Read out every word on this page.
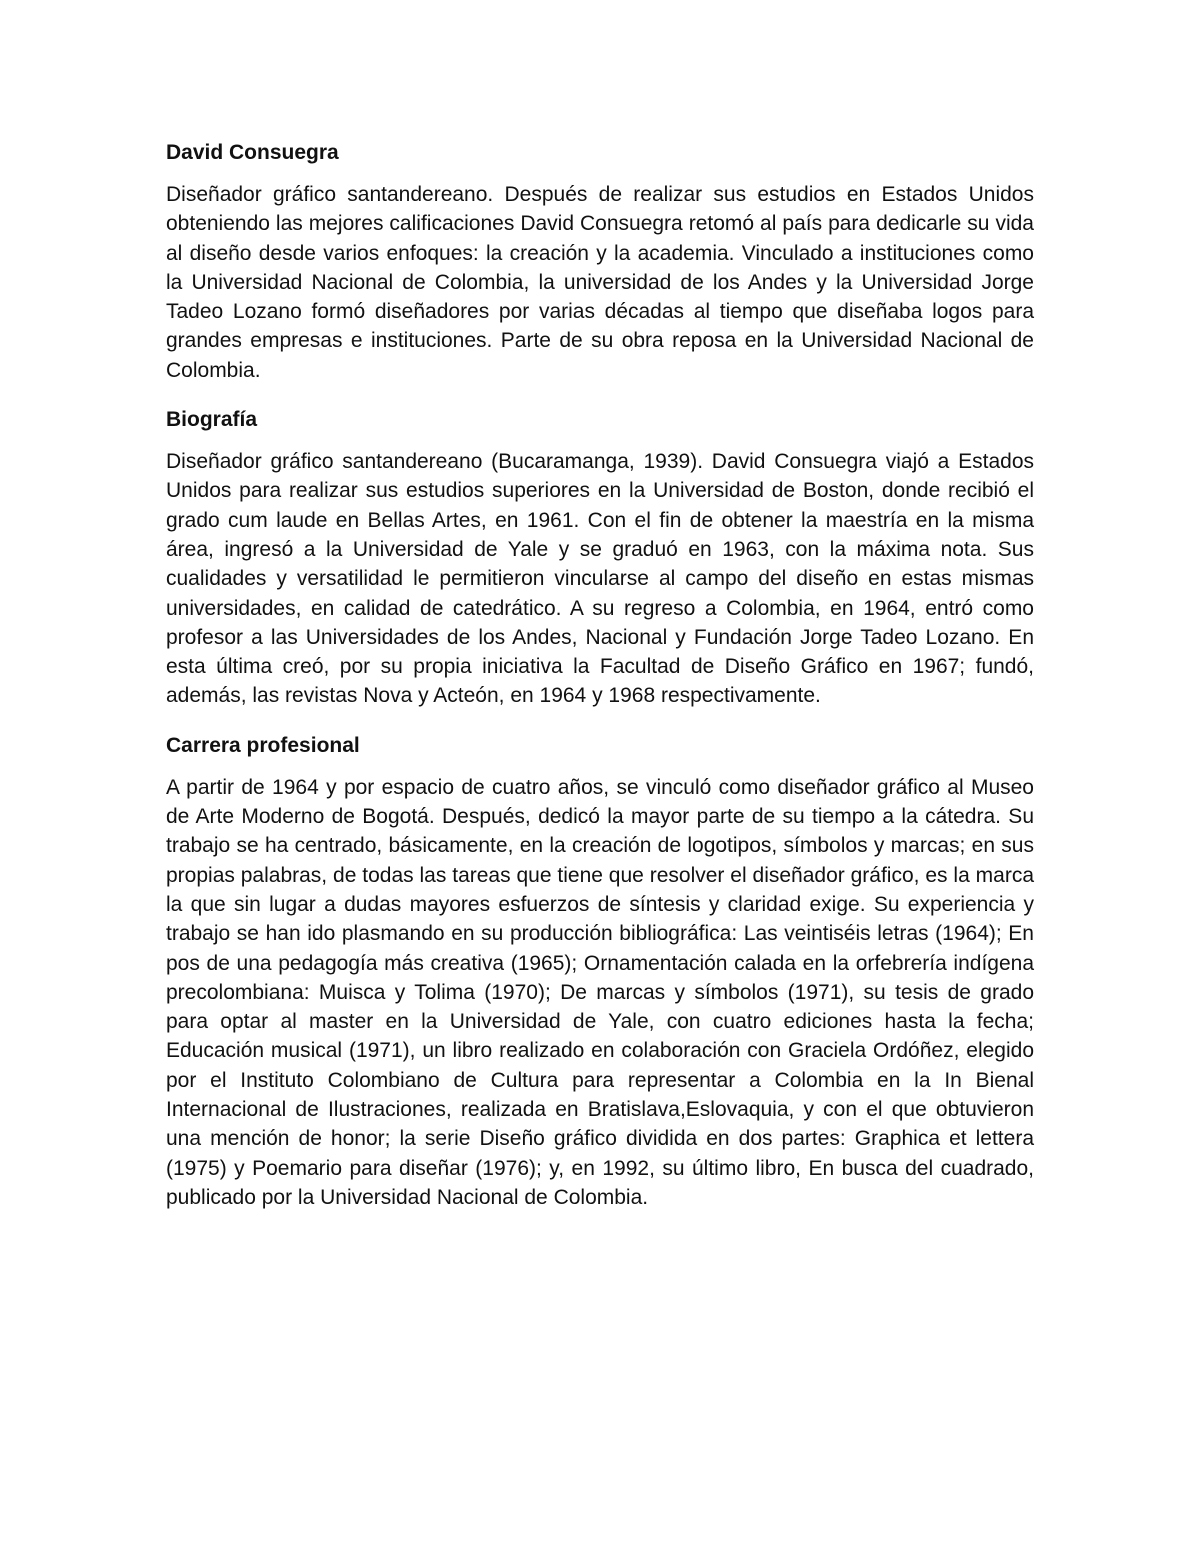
David Consuegra

Diseñador gráfico santandereano. Después de realizar sus estudios en Estados Unidos obteniendo las mejores calificaciones David Consuegra retomó al país para dedicarle su vida al diseño desde varios enfoques: la creación y la academia. Vinculado a instituciones como la Universidad Nacional de Colombia, la universidad de los Andes y la Universidad Jorge Tadeo Lozano formó diseñadores por varias décadas al tiempo que diseñaba logos para grandes empresas e instituciones. Parte de su obra reposa en la Universidad Nacional de Colombia.

Biografía

Diseñador gráfico santandereano (Bucaramanga, 1939). David Consuegra viajó a Estados Unidos para realizar sus estudios superiores en la Universidad de Boston, donde recibió el grado cum laude en Bellas Artes, en 1961. Con el fin de obtener la maestría en la misma área, ingresó a la Universidad de Yale y se graduó en 1963, con la máxima nota. Sus cualidades y versatilidad le permitieron vincularse al campo del diseño en estas mismas universidades, en calidad de catedrático. A su regreso a Colombia, en 1964, entró como profesor a las Universidades de los Andes, Nacional y Fundación Jorge Tadeo Lozano. En esta última creó, por su propia iniciativa la Facultad de Diseño Gráfico en 1967; fundó, además, las revistas Nova y Acteón, en 1964 y 1968 respectivamente.

Carrera profesional

A partir de 1964 y por espacio de cuatro años, se vinculó como diseñador gráfico al Museo de Arte Moderno de Bogotá. Después, dedicó la mayor parte de su tiempo a la cátedra. Su trabajo se ha centrado, básicamente, en la creación de logotipos, símbolos y marcas; en sus propias palabras, de todas las tareas que tiene que resolver el diseñador gráfico, es la marca la que sin lugar a dudas mayores esfuerzos de síntesis y claridad exige. Su experiencia y trabajo se han ido plasmando en su producción bibliográfica: Las veintiséis letras (1964); En pos de una pedagogía más creativa (1965); Ornamentación calada en la orfebrería indígena precolombiana: Muisca y Tolima (1970); De marcas y símbolos (1971), su tesis de grado para optar al master en la Universidad de Yale, con cuatro ediciones hasta la fecha; Educación musical (1971), un libro realizado en colaboración con Graciela Ordóñez, elegido por el Instituto Colombiano de Cultura para representar a Colombia en la In Bienal Internacional de Ilustraciones, realizada en Bratislava,Eslovaquia, y con el que obtuvieron una mención de honor; la serie Diseño gráfico dividida en dos partes: Graphica et lettera (1975) y Poemario para diseñar (1976); y, en 1992, su último libro, En busca del cuadrado, publicado por la Universidad Nacional de Colombia.
